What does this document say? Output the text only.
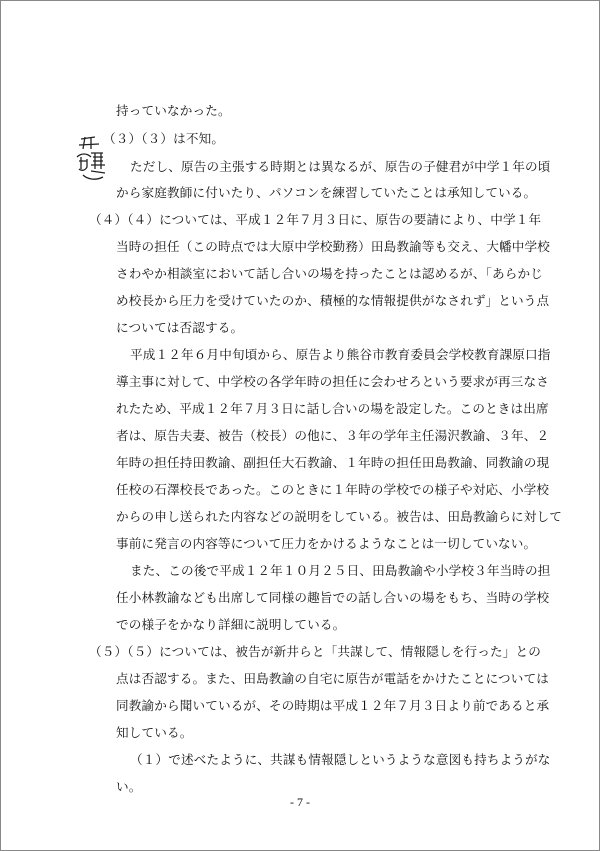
持っていなかった。
（３）（３）は不知。
ただし、原告の主張する時期とは異なるが、原告の子健君が中学１年の頃
から家庭教師に付いたり、パソコンを練習していたことは承知している。
（４）（４）については、平成１２年７月３日に、原告の要請により、中学１年
当時の担任（この時点では大原中学校勤務）田島教諭等も交え、大幡中学校
さわやか相談室において話し合いの場を持ったことは認めるが、「あらかじ
め校長から圧力を受けていたのか、積極的な情報提供がなされず」という点
については否認する。
平成１２年６月中旬頃から、原告より熊谷市教育委員会学校教育課原口指
導主事に対して、中学校の各学年時の担任に会わせろという要求が再三なさ
れたため、平成１２年７月３日に話し合いの場を設定した。このときは出席
者は、原告夫妻、被告（校長）の他に、３年の学年主任湯沢教諭、３年、２
年時の担任持田教諭、副担任大石教諭、１年時の担任田島教諭、同教諭の現
任校の石澤校長であった。このときに１年時の学校での様子や対応、小学校
からの申し送られた内容などの説明をしている。被告は、田島教諭らに対して
事前に発言の内容等について圧力をかけるようなことは一切していない。
また、この後で平成１２年１０月２５日、田島教諭や小学校３年当時の担
任小林教諭なども出席して同様の趣旨での話し合いの場をもち、当時の学校
での様子をかなり詳細に説明している。
（５）（５）については、被告が新井らと「共謀して、情報隠しを行った」との
点は否認する。また、田島教諭の自宅に原告が電話をかけたことについては
同教諭から聞いているが、その時期は平成１２年７月３日より前であると承
知している。
（１）で述べたように、共謀も情報隠しというような意図も持ちようがな
い。
- 7 -
